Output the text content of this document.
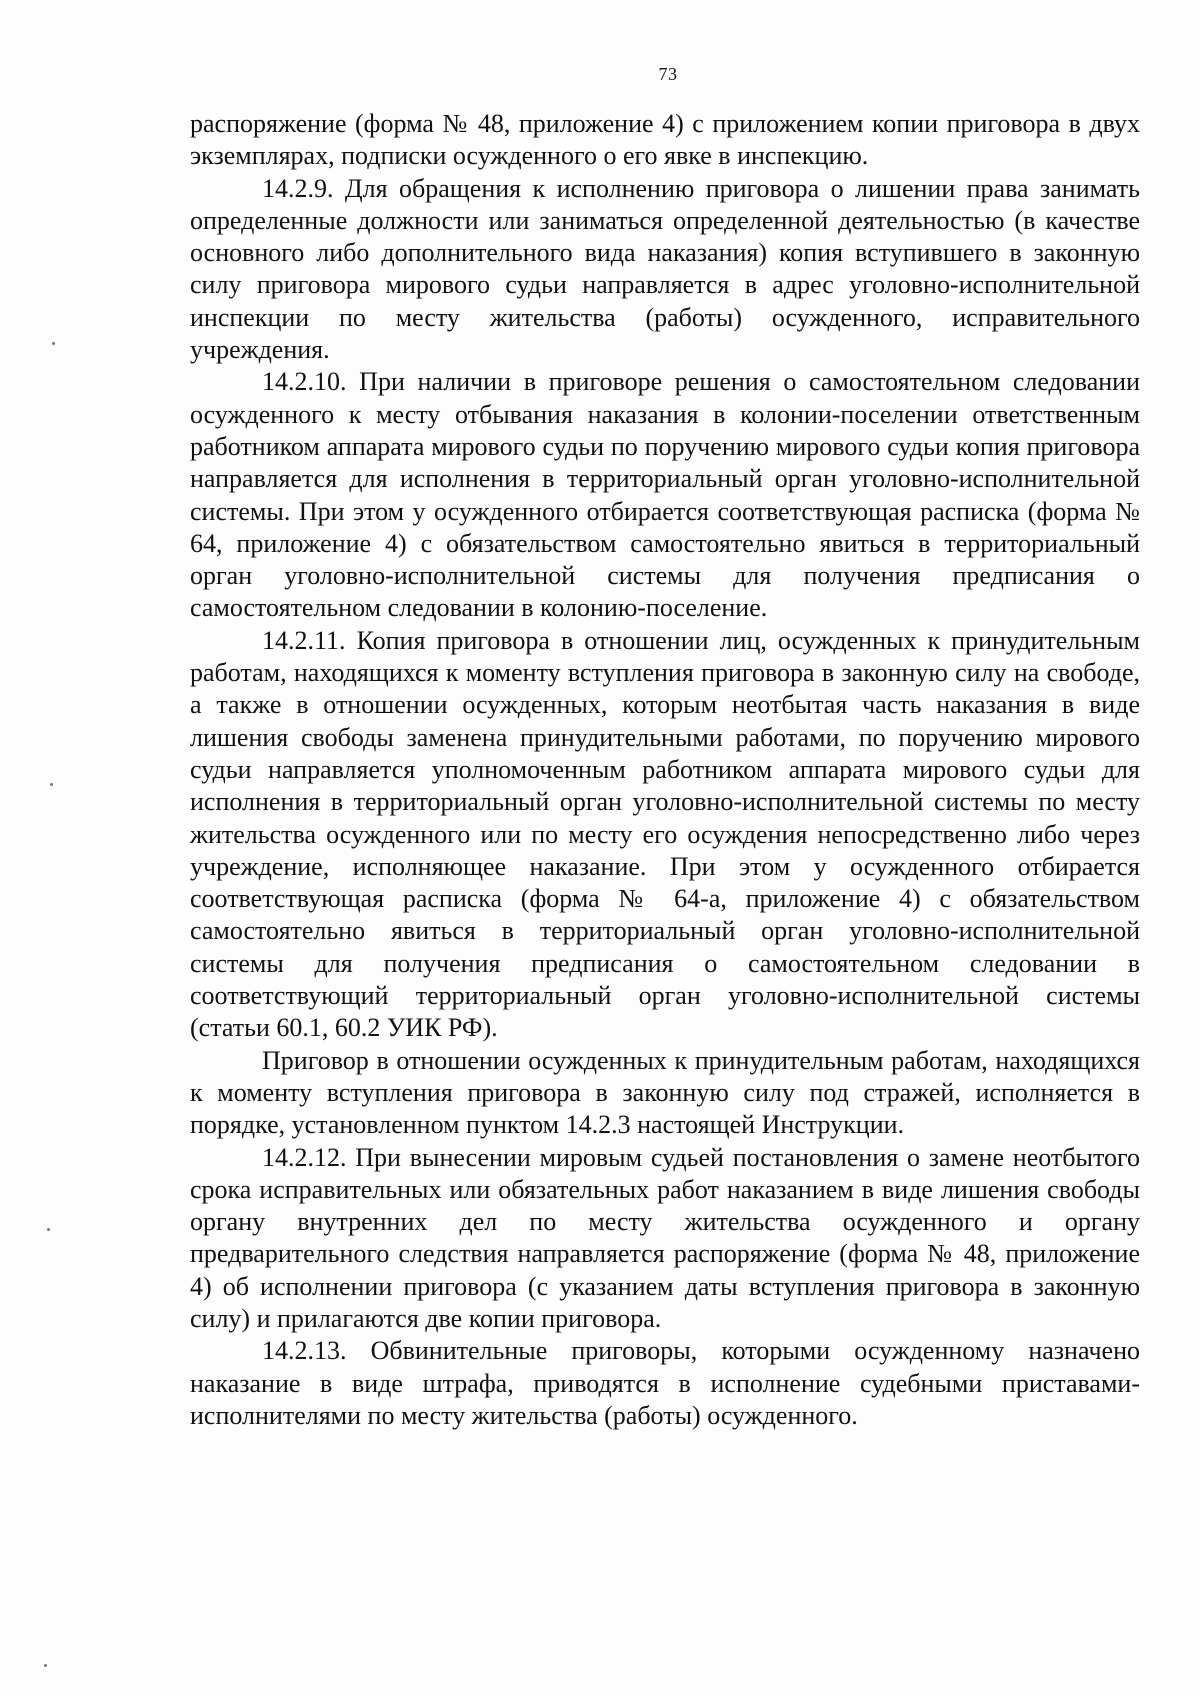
73

распоряжение (форма № 48, приложение 4) с приложением копии приговора в двух экземплярах, подписки осужденного о его явке в инспекцию.

14.2.9. Для обращения к исполнению приговора о лишении права занимать определенные должности или заниматься определенной деятельностью (в качестве основного либо дополнительного вида наказания) копия вступившего в законную силу приговора мирового судьи направляется в адрес уголовно-исполнительной инспекции по месту жительства (работы) осужденного, исправительного учреждения.

14.2.10. При наличии в приговоре решения о самостоятельном следовании осужденного к месту отбывания наказания в колонии-поселении ответственным работником аппарата мирового судьи по поручению мирового судьи копия приговора направляется для исполнения в территориальный орган уголовно-исполнительной системы. При этом у осужденного отбирается соответствующая расписка (форма № 64, приложение 4) с обязательством самостоятельно явиться в территориальный орган уголовно-исполнительной системы для получения предписания о самостоятельном следовании в колонию-поселение.

14.2.11. Копия приговора в отношении лиц, осужденных к принудительным работам, находящихся к моменту вступления приговора в законную силу на свободе, а также в отношении осужденных, которым неотбытая часть наказания в виде лишения свободы заменена принудительными работами, по поручению мирового судьи направляется уполномоченным работником аппарата мирового судьи для исполнения в территориальный орган уголовно-исполнительной системы по месту жительства осужденного или по месту его осуждения непосредственно либо через учреждение, исполняющее наказание. При этом у осужденного отбирается соответствующая расписка (форма № 64-а, приложение 4) с обязательством самостоятельно явиться в территориальный орган уголовно-исполнительной системы для получения предписания о самостоятельном следовании в соответствующий территориальный орган уголовно-исполнительной системы (статьи 60.1, 60.2 УИК РФ).

Приговор в отношении осужденных к принудительным работам, находящихся к моменту вступления приговора в законную силу под стражей, исполняется в порядке, установленном пунктом 14.2.3 настоящей Инструкции.

14.2.12. При вынесении мировым судьей постановления о замене неотбытого срока исправительных или обязательных работ наказанием в виде лишения свободы органу внутренних дел по месту жительства осужденного и органу предварительного следствия направляется распоряжение (форма № 48, приложение 4) об исполнении приговора (с указанием даты вступления приговора в законную силу) и прилагаются две копии приговора.

14.2.13. Обвинительные приговоры, которыми осужденному назначено наказание в виде штрафа, приводятся в исполнение судебными приставами-исполнителями по месту жительства (работы) осужденного.
